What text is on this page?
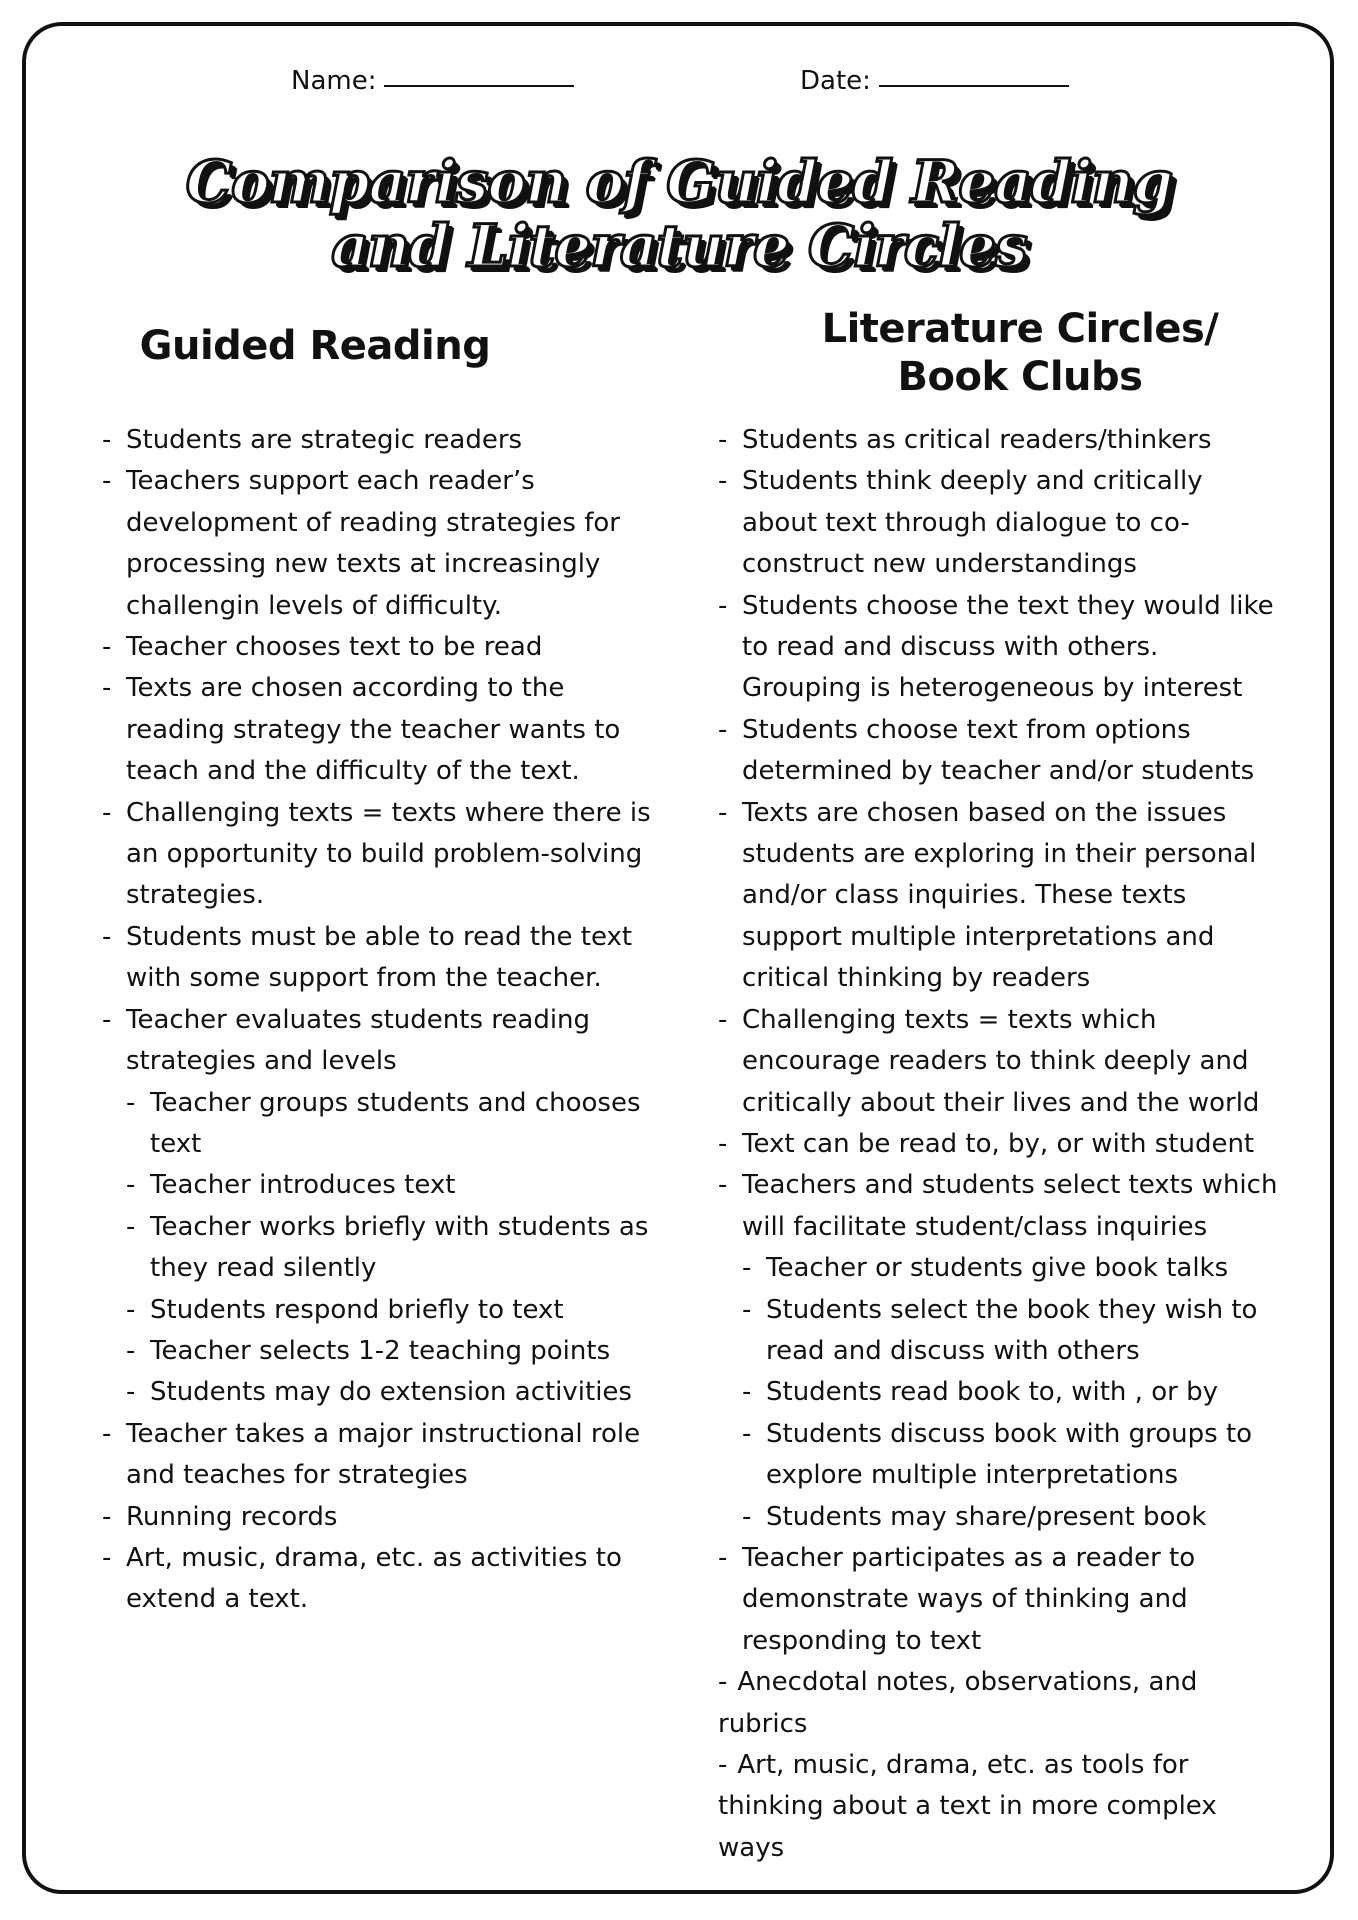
Name:	Date:
Comparison of Guided Reading
and Literature Circles
Guided Reading	Literature Circles/
Book Clubs
- Students are strategic readers
- Teachers support each reader’s development of reading strategies for processing new texts at increasingly challengin levels of difficulty.
- Teacher chooses text to be read
- Texts are chosen according to the reading strategy the teacher wants to teach and the difficulty of the text.
- Challenging texts = texts where there is an opportunity to build problem-solving strategies.
- Students must be able to read the text with some support from the teacher.
- Teacher evaluates students reading strategies and levels
- Teacher groups students and chooses text
- Teacher introduces text
- Teacher works briefly with students as they read silently
- Students respond briefly to text
- Teacher selects 1-2 teaching points
- Students may do extension activities
- Teacher takes a major instructional role and teaches for strategies
- Running records
- Art, music, drama, etc. as activities to extend a text.
- Students as critical readers/thinkers
- Students think deeply and critically about text through dialogue to co-construct new understandings
- Students choose the text they would like to read and discuss with others. Grouping is heterogeneous by interest
- Students choose text from options determined by teacher and/or students
- Texts are chosen based on the issues students are exploring in their personal and/or class inquiries. These texts support multiple interpretations and critical thinking by readers
- Challenging texts = texts which encourage readers to think deeply and critically about their lives and the world
- Text can be read to, by, or with student
- Teachers and students select texts which will facilitate student/class inquiries
- Teacher or students give book talks
- Students select the book they wish to read and discuss with others
- Students read book to, with , or by
- Students discuss book with groups to explore multiple interpretations
- Students may share/present book
- Teacher participates as a reader to demonstrate ways of thinking and responding to text
- Anecdotal notes, observations, and rubrics
- Art, music, drama, etc. as tools for thinking about a text in more complex ways
